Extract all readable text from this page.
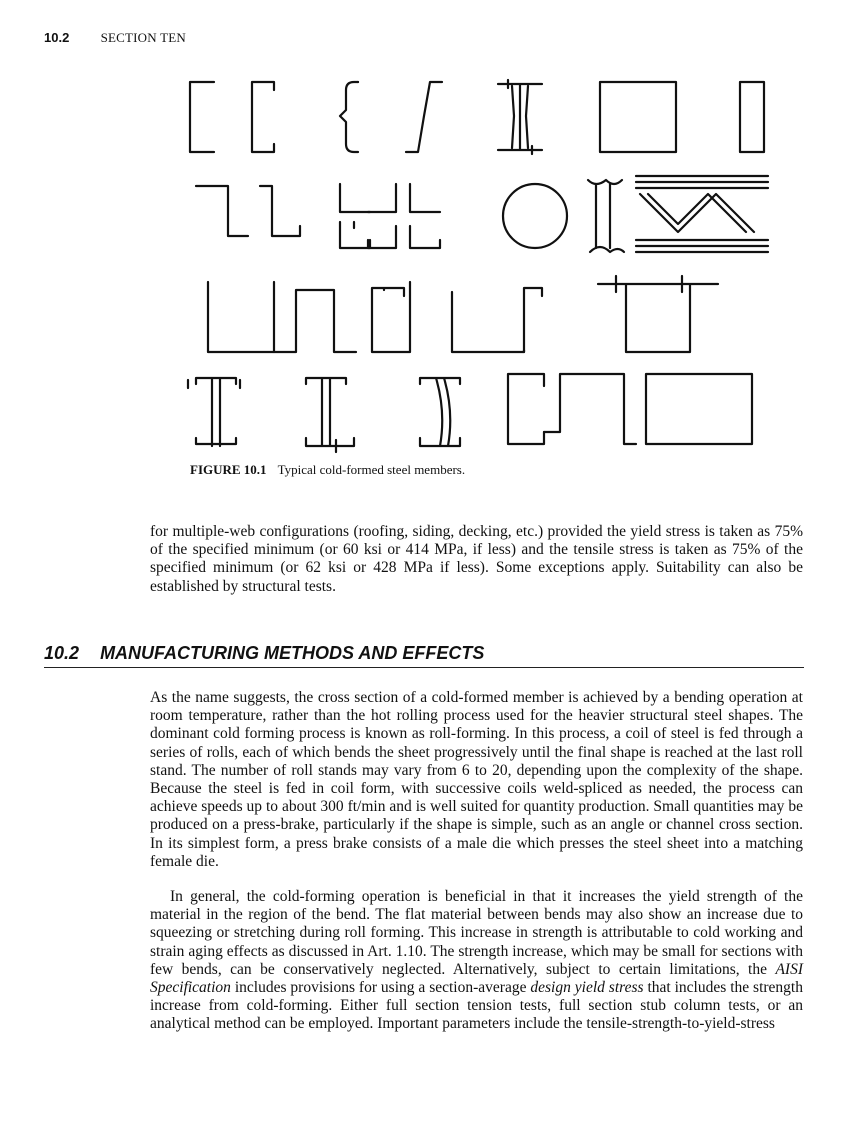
10.2 SECTION TEN
FIGURE 10.1 Typical cold-formed steel members.

for multiple-web configurations (roofing, siding, decking, etc.) provided the yield stress is taken as 75% of the specified minimum (or 60 ksi or 414 MPa, if less) and the tensile stress is taken as 75% of the specified minimum (or 62 ksi or 428 MPa if less). Some exceptions apply. Suitability can also be established by structural tests.

10.2 MANUFACTURING METHODS AND EFFECTS

As the name suggests, the cross section of a cold-formed member is achieved by a bending operation at room temperature, rather than the hot rolling process used for the heavier structural steel shapes. The dominant cold forming process is known as roll-forming. In this process, a coil of steel is fed through a series of rolls, each of which bends the sheet progressively until the final shape is reached at the last roll stand. The number of roll stands may vary from 6 to 20, depending upon the complexity of the shape. Because the steel is fed in coil form, with successive coils weld-spliced as needed, the process can achieve speeds up to about 300 ft/min and is well suited for quantity production. Small quantities may be produced on a press-brake, particularly if the shape is simple, such as an angle or channel cross section. In its simplest form, a press brake consists of a male die which presses the steel sheet into a matching female die.

In general, the cold-forming operation is beneficial in that it increases the yield strength of the material in the region of the bend. The flat material between bends may also show an increase due to squeezing or stretching during roll forming. This increase in strength is attributable to cold working and strain aging effects as discussed in Art. 1.10. The strength increase, which may be small for sections with few bends, can be conservatively neglected. Alternatively, subject to certain limitations, the AISI Specification includes provisions for using a section-average design yield stress that includes the strength increase from cold-forming. Either full section tension tests, full section stub column tests, or an analytical method can be employed. Important parameters include the tensile-strength-to-yield-stress
